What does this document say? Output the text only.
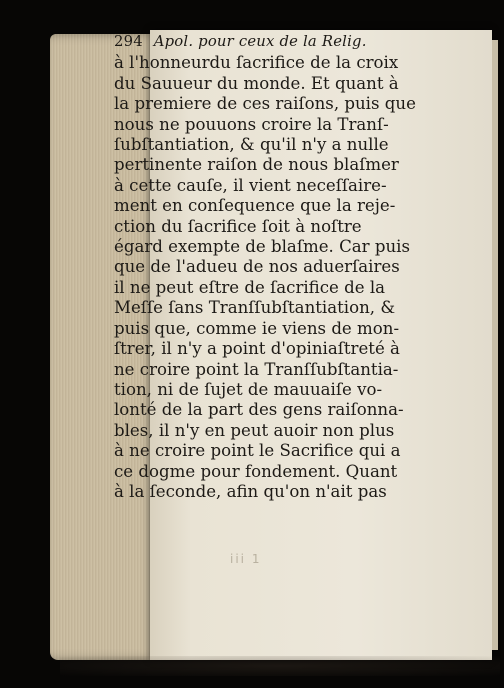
294 Apol. pour ceux de la Relig.
à l'honneurdu ſacrifice de la croix
du Sauueur du monde. Et quant à
la premiere de ces raiſons, puis que
nous ne pouuons croire la Tranſ-
ſubſtantiation, & qu'il n'y a nulle
pertinente raiſon de nous blaſmer
à cette cauſe, il vient neceſſaire-
ment en conſequence que la reje-
ction du ſacrifice ſoit à noſtre
égard exempte de blaſme. Car puis
que de l'adueu de nos aduerſaires
il ne peut eſtre de ſacrifice de la
Meſſe ſans Tranſſubſtantiation, &
puis que, comme ie viens de mon-
ſtrer, il n'y a point d'opiniaſtreté à
ne croire point la Tranſſubſtantia-
tion, ni de ſujet de mauuaiſe vo-
lonté de la part des gens raiſonna-
bles, il n'y en peut auoir non plus
à ne croire point le Sacrifice qui a
ce dogme pour fondement. Quant
à la ſeconde, afin qu'on n'ait pas
iii 1
